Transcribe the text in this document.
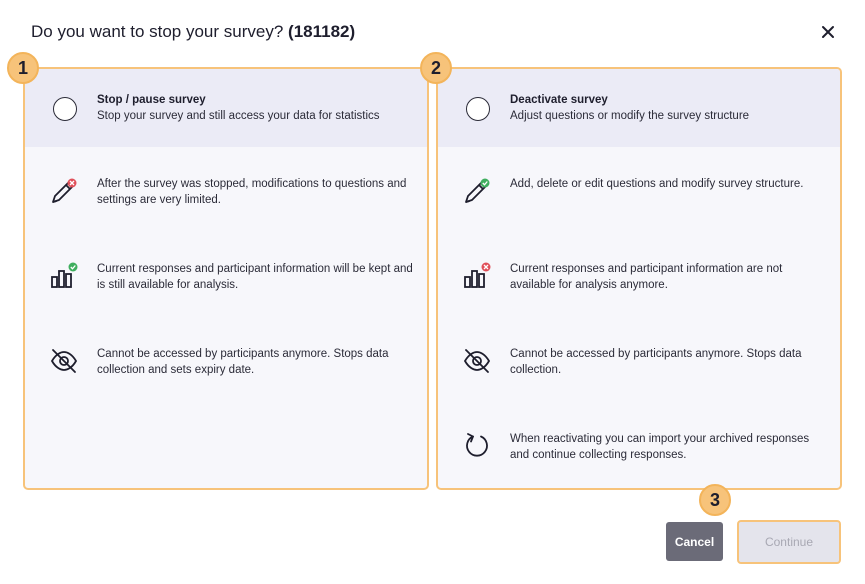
Do you want to stop your survey? (181182)
Stop / pause survey
Stop your survey and still access your data for statistics
After the survey was stopped, modifications to questions and settings are very limited.
Current responses and participant information will be kept and is still available for analysis.
Cannot be accessed by participants anymore. Stops data collection and sets expiry date.
Deactivate survey
Adjust questions or modify the survey structure
Add, delete or edit questions and modify survey structure.
Current responses and participant information are not available for analysis anymore.
Cannot be accessed by participants anymore. Stops data collection.
When reactivating you can import your archived responses and continue collecting responses.
1	2
3
Cancel	Continue
